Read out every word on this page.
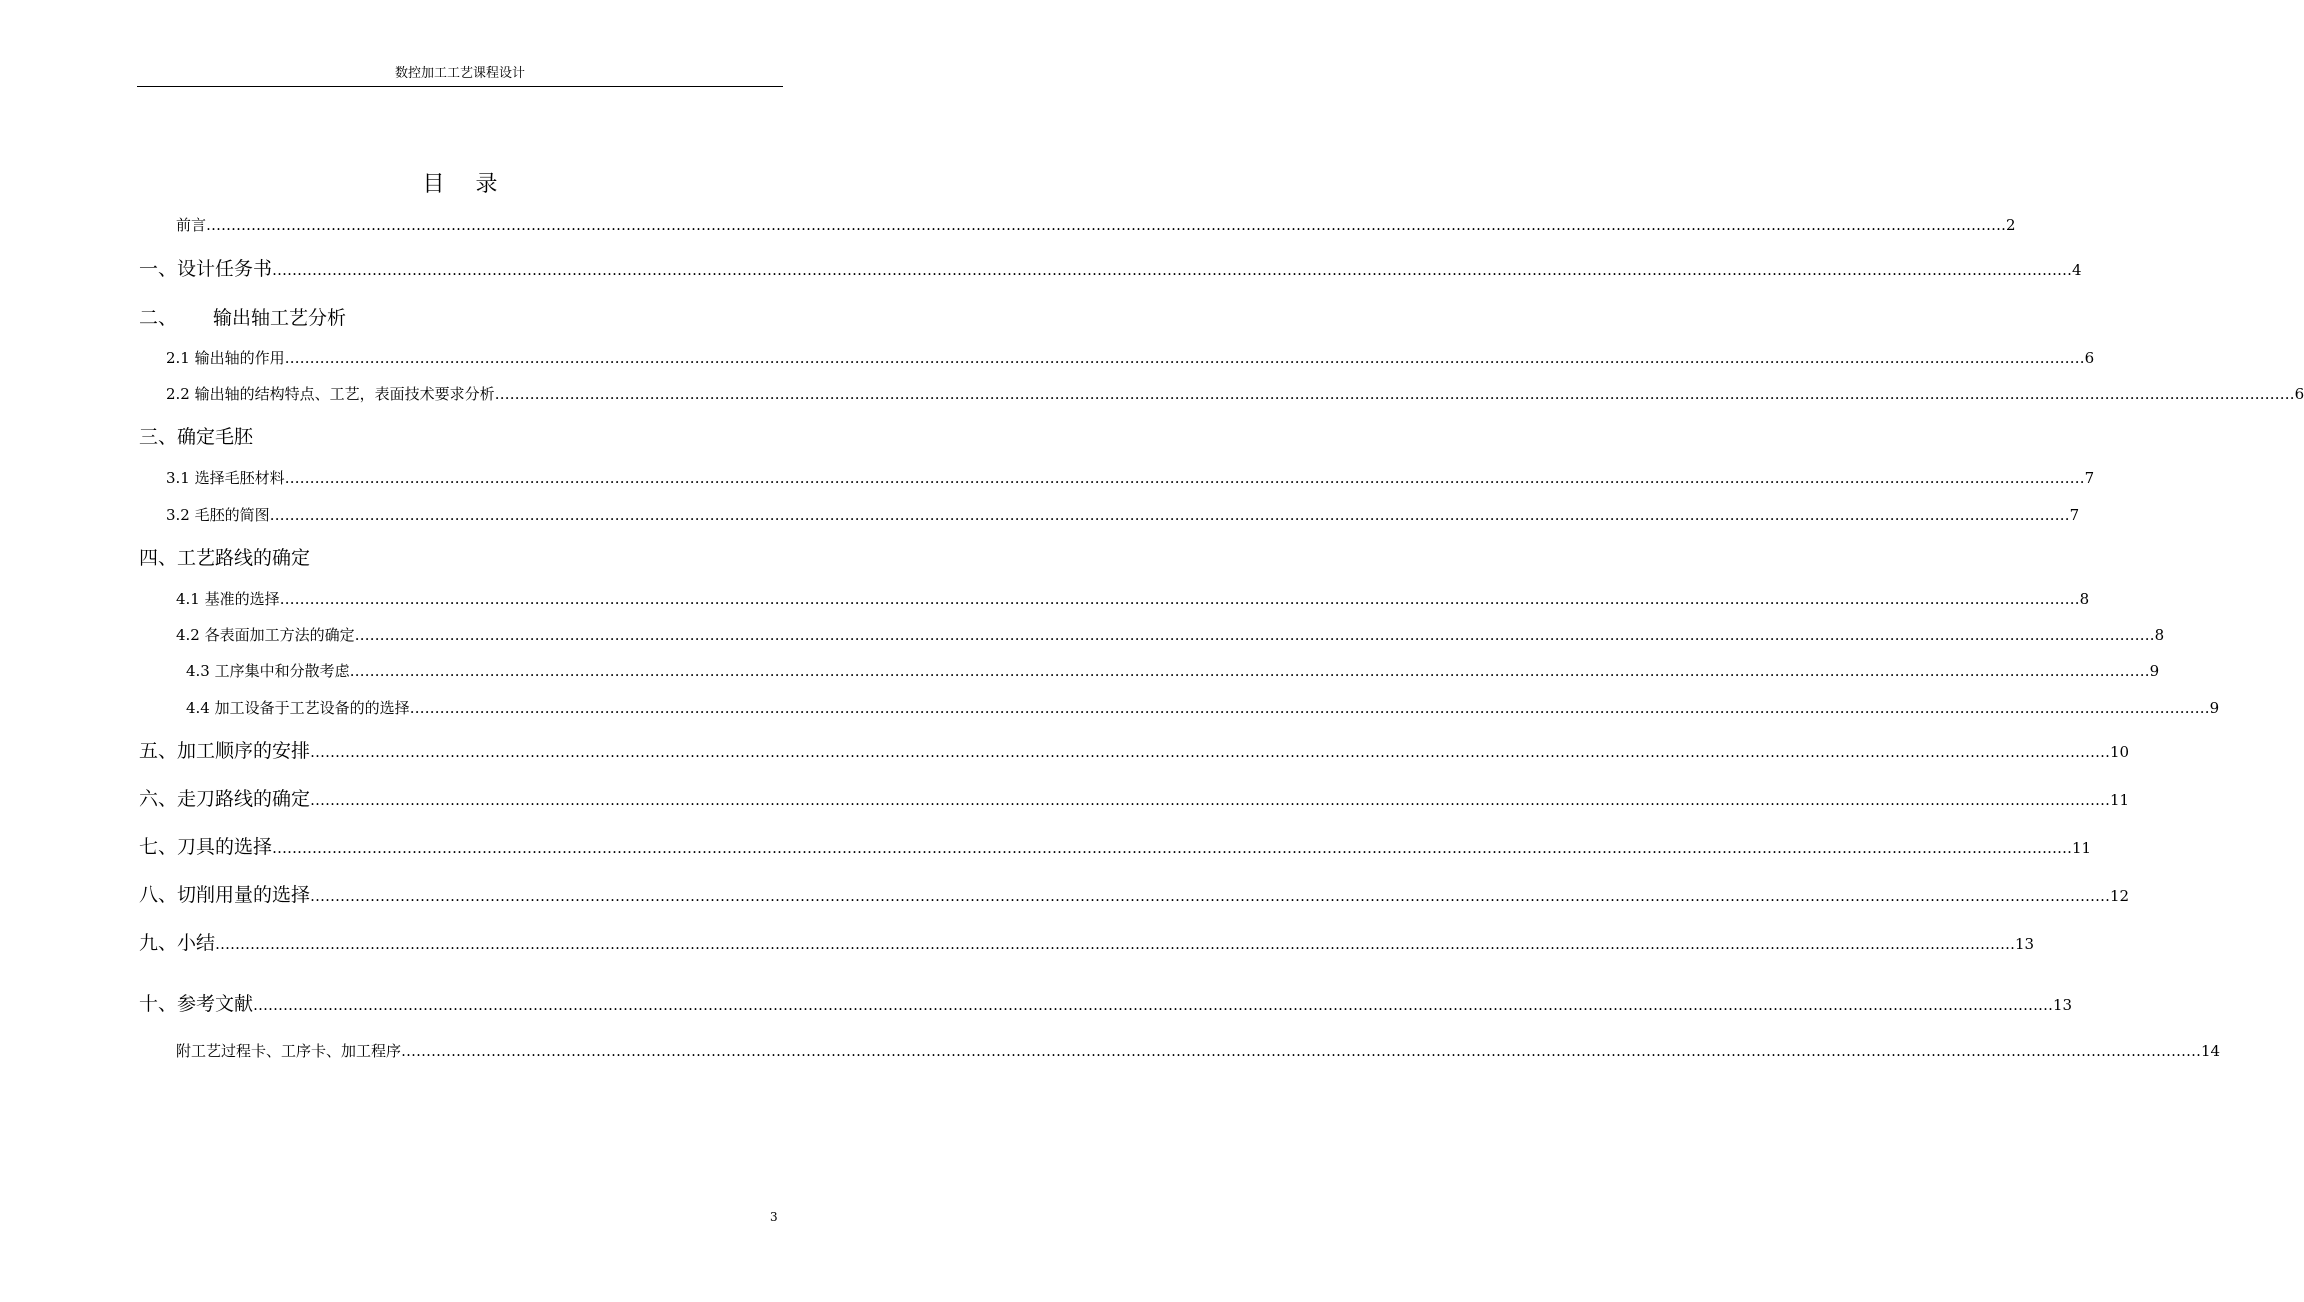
数控加工工艺课程设计
目 录
前言 ……………………………………………………………………………………………………………………………………………………………………………………………………………………………………………………………………………………………………………………………… 2
一、设计任务书 ……………………………………………………………………………………………………………………………………………………………………………………………………………………………………………………………………………………………………………………………… 4
二、 输出轴工艺分析
2.1 输出轴的作用 ……………………………………………………………………………………………………………………………………………………………………………………………………………………………………………………………………………………………………………………………… 6
2.2 输出轴的结构特点、工艺，表面技术要求分析 ……………………………………………………………………………………………………………………………………………………………………………………………………………………………………………………………………………………………………………………………… 6
三、确定毛胚
3.1 选择毛胚材料 ……………………………………………………………………………………………………………………………………………………………………………………………………………………………………………………………………………………………………………………………… 7
3.2 毛胚的简图 ……………………………………………………………………………………………………………………………………………………………………………………………………………………………………………………………………………………………………………………………… 7
四、工艺路线的确定
4.1 基准的选择 ……………………………………………………………………………………………………………………………………………………………………………………………………………………………………………………………………………………………………………………………… 8
4.2 各表面加工方法的确定 ……………………………………………………………………………………………………………………………………………………………………………………………………………………………………………………………………………………………………………………………… 8
4.3 工序集中和分散考虑 ……………………………………………………………………………………………………………………………………………………………………………………………………………………………………………………………………………………………………………………………… 9
4.4 加工设备于工艺设备的的选择 ……………………………………………………………………………………………………………………………………………………………………………………………………………………………………………………………………………………………………………………………… 9
五、加工顺序的安排 ……………………………………………………………………………………………………………………………………………………………………………………………………………………………………………………………………………………………………………………………… 10
六、走刀路线的确定 ……………………………………………………………………………………………………………………………………………………………………………………………………………………………………………………………………………………………………………………………… 11
七、刀具的选择 ……………………………………………………………………………………………………………………………………………………………………………………………………………………………………………………………………………………………………………………………… 11
八、切削用量的选择 ……………………………………………………………………………………………………………………………………………………………………………………………………………………………………………………………………………………………………………………………… 12
九、小结 ……………………………………………………………………………………………………………………………………………………………………………………………………………………………………………………………………………………………………………………………… 13
十、参考文献 ……………………………………………………………………………………………………………………………………………………………………………………………………………………………………………………………………………………………………………………………… 13
附工艺过程卡、工序卡、加工程序 ……………………………………………………………………………………………………………………………………………………………………………………………………………………………………………………………………………………………………………………………… 14
3
